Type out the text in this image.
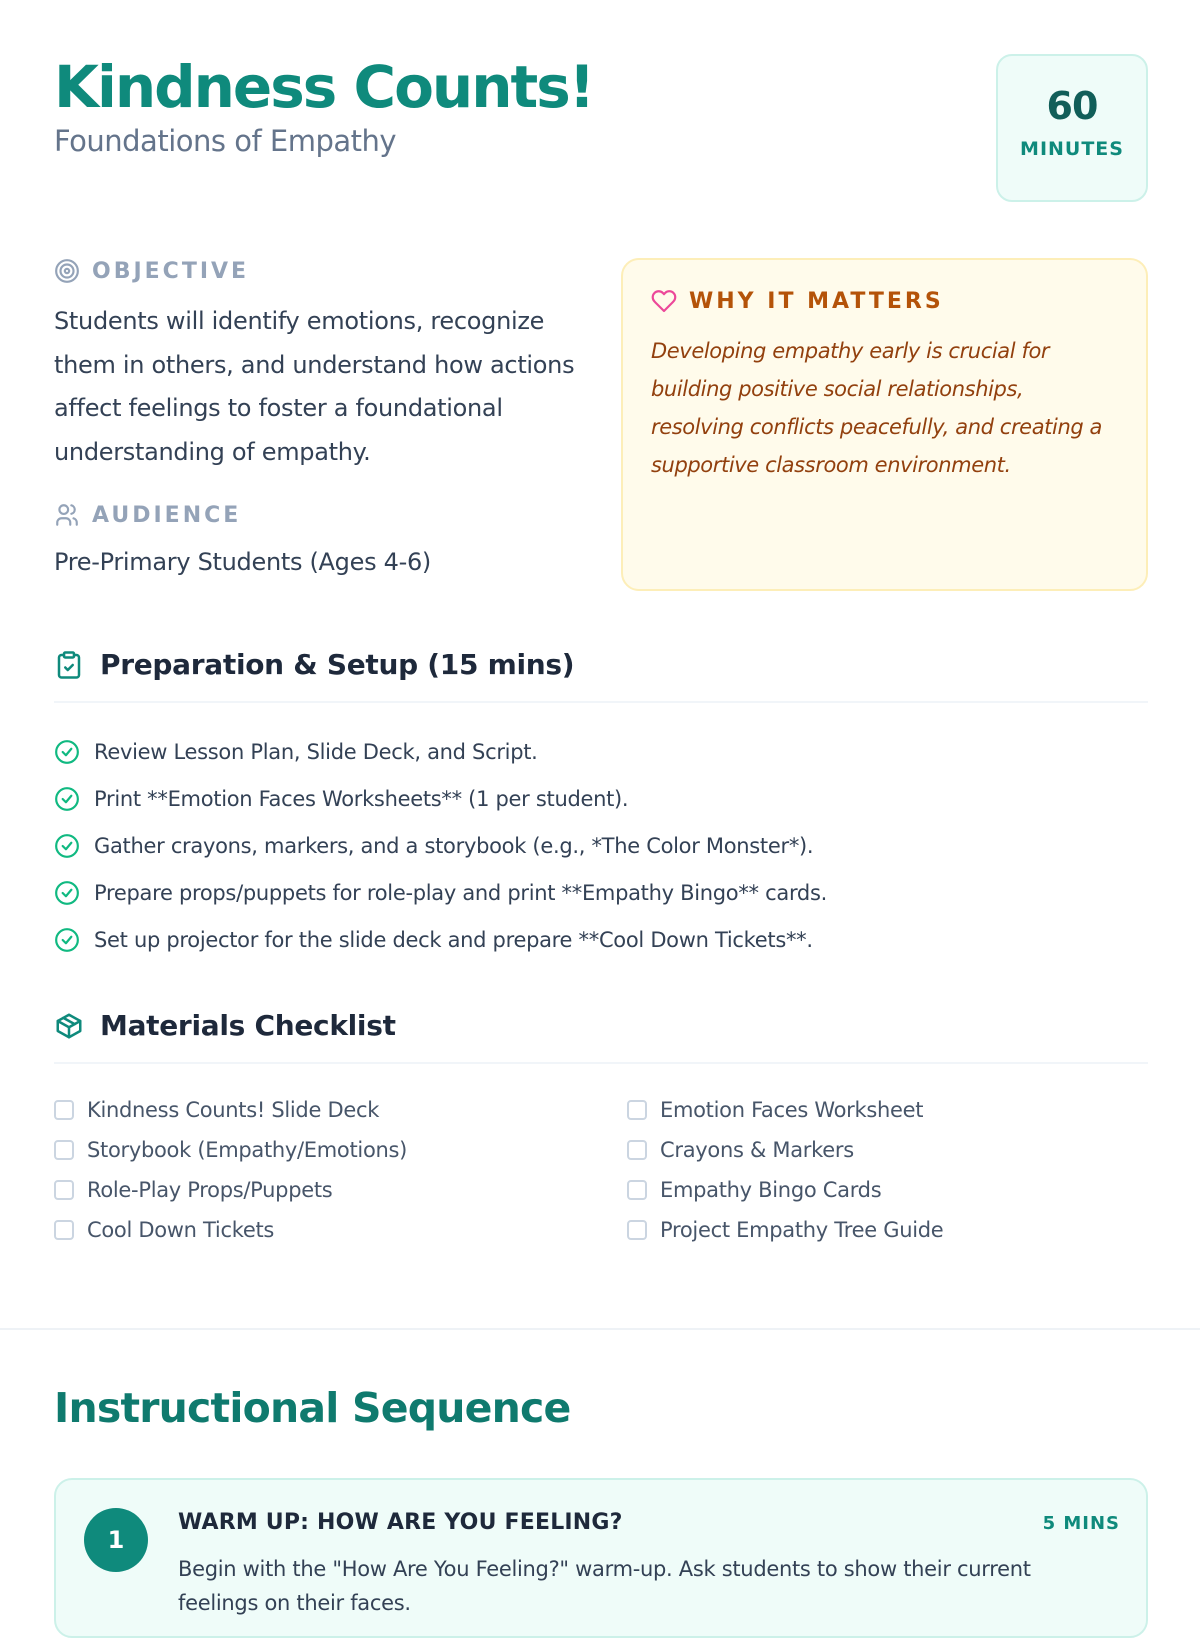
Kindness Counts!
Foundations of Empathy
60
MINUTES
OBJECTIVE

Students will identify emotions, recognize them in others, and understand how actions affect feelings to foster a foundational understanding of empathy.

AUDIENCE

Pre-Primary Students (Ages 4-6)

WHY IT MATTERS

Developing empathy early is crucial for building positive social relationships, resolving conflicts peacefully, and creating a supportive classroom environment.

Preparation & Setup (15 mins)
Review Lesson Plan, Slide Deck, and Script.
Print **Emotion Faces Worksheets** (1 per student).
Gather crayons, markers, and a storybook (e.g., *The Color Monster*).
Prepare props/puppets for role-play and print **Empathy Bingo** cards.
Set up projector for the slide deck and prepare **Cool Down Tickets**.
Materials Checklist
Kindness Counts! Slide Deck	Emotion Faces Worksheet
Storybook (Empathy/Emotions)	Crayons & Markers
Role-Play Props/Puppets	Empathy Bingo Cards
Cool Down Tickets	Project Empathy Tree Guide
Instructional Sequence
1
WARM UP: HOW ARE YOU FEELING?	5 MINS

Begin with the "How Are You Feeling?" warm-up. Ask students to show their current feelings on their faces.
